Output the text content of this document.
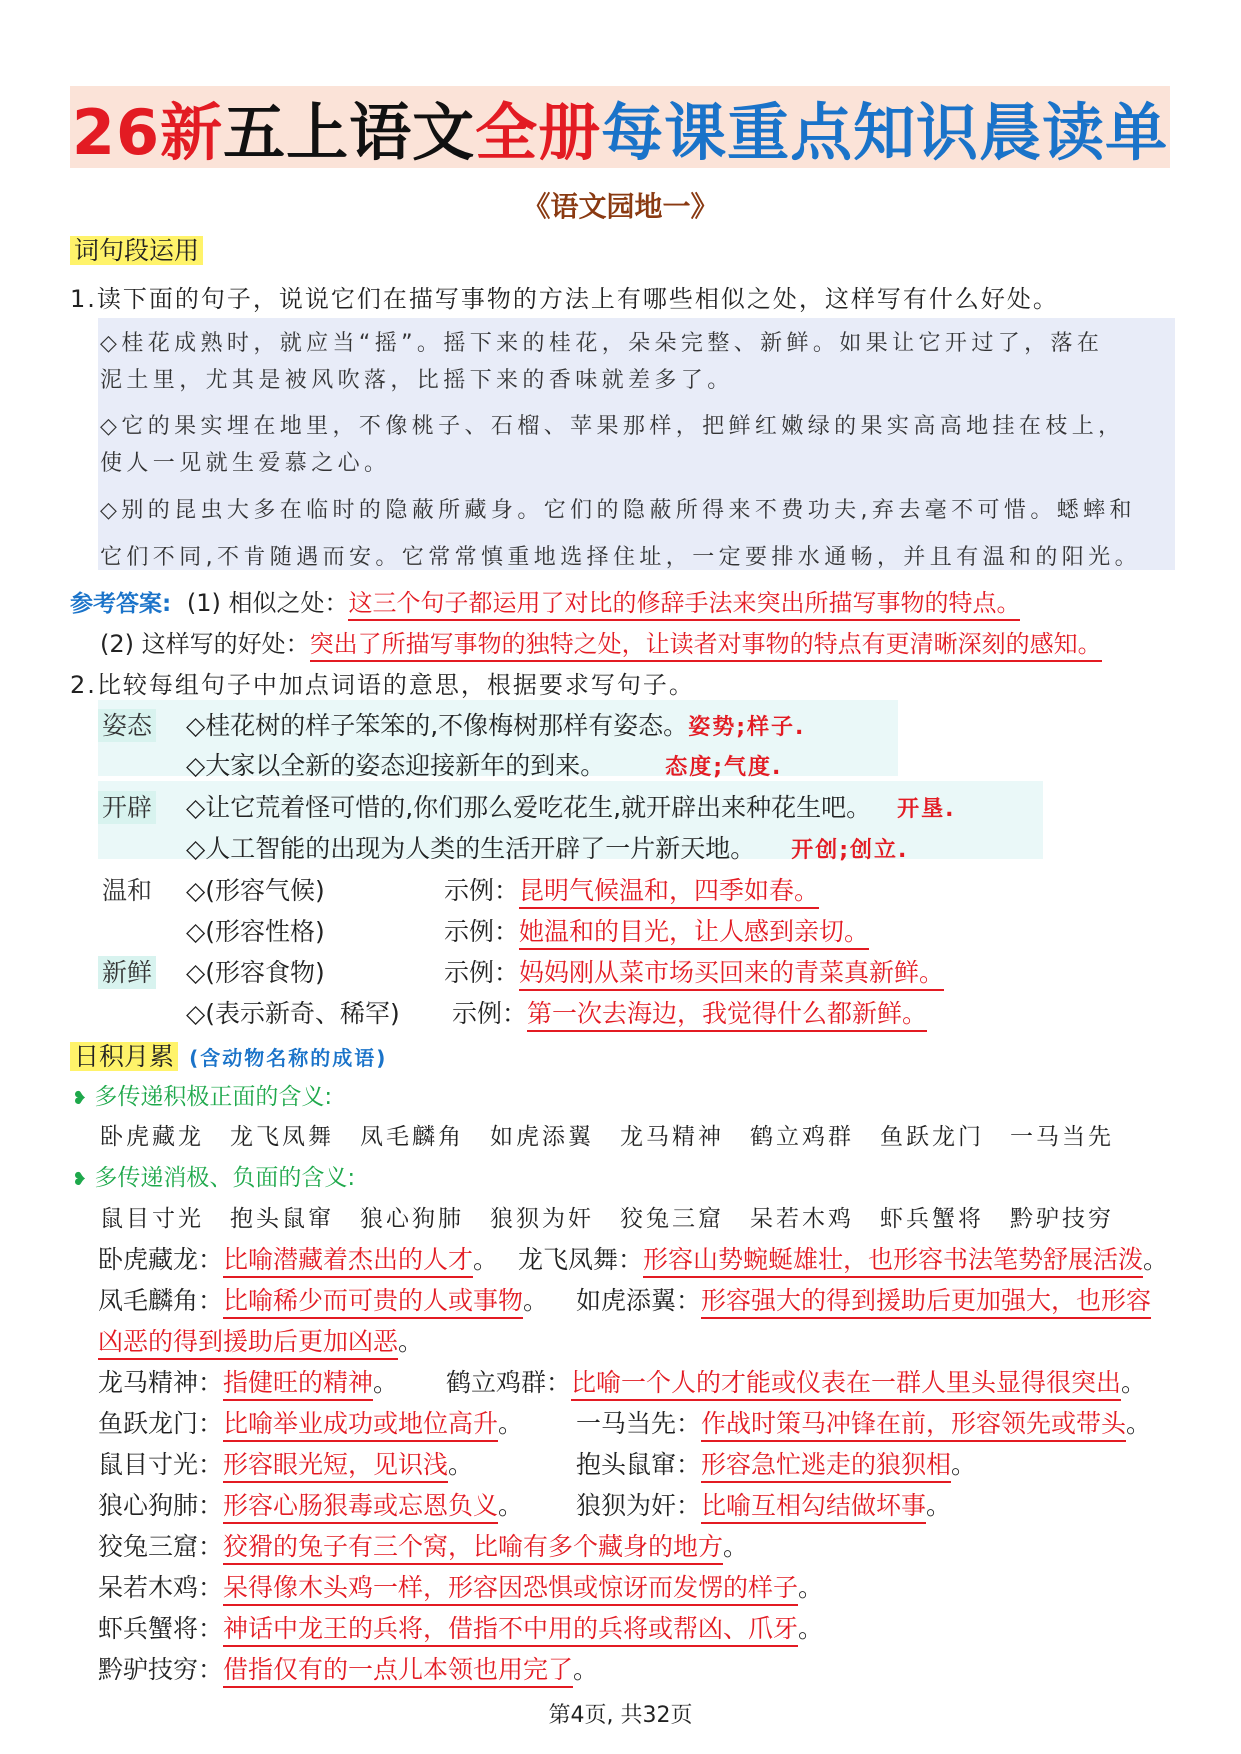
26新 五上语文 全册 每课重点知识晨读单
《语文园地一》
词句段运用
1.读下面的句子，说说它们在描写事物的方法上有哪些相似之处，这样写有什么好处。
◇桂花成熟时，就应当“摇”。摇下来的桂花，朵朵完整、新鲜。如果让它开过了，落在
泥土里，尤其是被风吹落，比摇下来的香味就差多了。
◇它的果实埋在地里，不像桃子、石榴、苹果那样，把鲜红嫩绿的果实高高地挂在枝上，
使人一见就生爱慕之心。
◇别的昆虫大多在临时的隐蔽所藏身。它们的隐蔽所得来不费功夫,弃去毫不可惜。蟋蟀和
它们不同,不肯随遇而安。它常常慎重地选择住址，一定要排水通畅，并且有温和的阳光。
参考答案: (1) 相似之处：这三个句子都运用了对比的修辞手法来突出所描写事物的特点。
(2) 这样写的好处：突出了所描写事物的独特之处，让读者对事物的特点有更清晰深刻的感知。
2.比较每组句子中加点词语的意思，根据要求写句子。
姿态 ◇桂花树的样子笨笨的,不像梅树那样有姿态。姿势;样子.
◇大家以全新的姿态迎接新年的到来。	态度;气度.
开辟 ◇让它荒着怪可惜的,你们那么爱吃花生,就开辟出来种花生吧。 开垦.
◇人工智能的出现为人类的生活开辟了一片新天地。 开创;创立.
温和 ◇(形容气候)	示例：昆明气候温和，四季如春。
◇(形容性格)	示例：她温和的目光，让人感到亲切。
新鲜 ◇(形容食物)	示例：妈妈刚从菜市场买回来的青菜真新鲜。
◇(表示新奇、稀罕) 示例：第一次去海边，我觉得什么都新鲜。
日积月累 (含动物名称的成语)
❥ 多传递积极正面的含义:
卧虎藏龙 龙飞凤舞 凤毛麟角 如虎添翼 龙马精神 鹤立鸡群 鱼跃龙门 一马当先
❥ 多传递消极、负面的含义:
鼠目寸光 抱头鼠窜 狼心狗肺 狼狈为奸 狡兔三窟 呆若木鸡 虾兵蟹将 黔驴技穷
卧虎藏龙：比喻潜藏着杰出的人才。 龙飞凤舞：形容山势蜿蜒雄壮，也形容书法笔势舒展活泼。
凤毛麟角：比喻稀少而可贵的人或事物。 如虎添翼：形容强大的得到援助后更加强大，也形容
凶恶的得到援助后更加凶恶。
龙马精神：指健旺的精神。 鹤立鸡群：比喻一个人的才能或仪表在一群人里头显得很突出。
鱼跃龙门：比喻举业成功或地位高升。 一马当先：作战时策马冲锋在前，形容领先或带头。
鼠目寸光：形容眼光短，见识浅。	抱头鼠窜：形容急忙逃走的狼狈相。
狼心狗肺：形容心肠狠毒或忘恩负义。 狼狈为奸：比喻互相勾结做坏事。
狡兔三窟：狡猾的兔子有三个窝，比喻有多个藏身的地方。
呆若木鸡：呆得像木头鸡一样，形容因恐惧或惊讶而发愣的样子。
虾兵蟹将：神话中龙王的兵将，借指不中用的兵将或帮凶、爪牙。
黔驴技穷：借指仅有的一点儿本领也用完了。
第4页, 共32页
